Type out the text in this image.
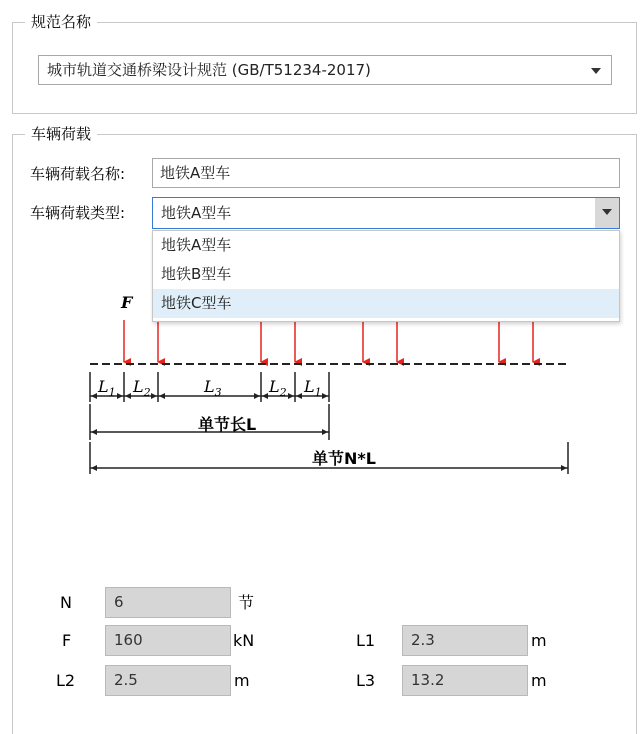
规范名称
城市轨道交通桥梁设计规范 (GB/T51234-2017)
车辆荷载
车辆荷载名称:	地铁A型车
车辆荷载类型:	地铁A型车
地铁A型车
地铁B型车
地铁C型车
F
$L_1$ $L_2$	$L_3$	$L_2$ $L_1$
单节长L
单节N*L
N	6	节
F	160	kN	L1	2.3	m
L2	2.5	m	L3	13.2	m
